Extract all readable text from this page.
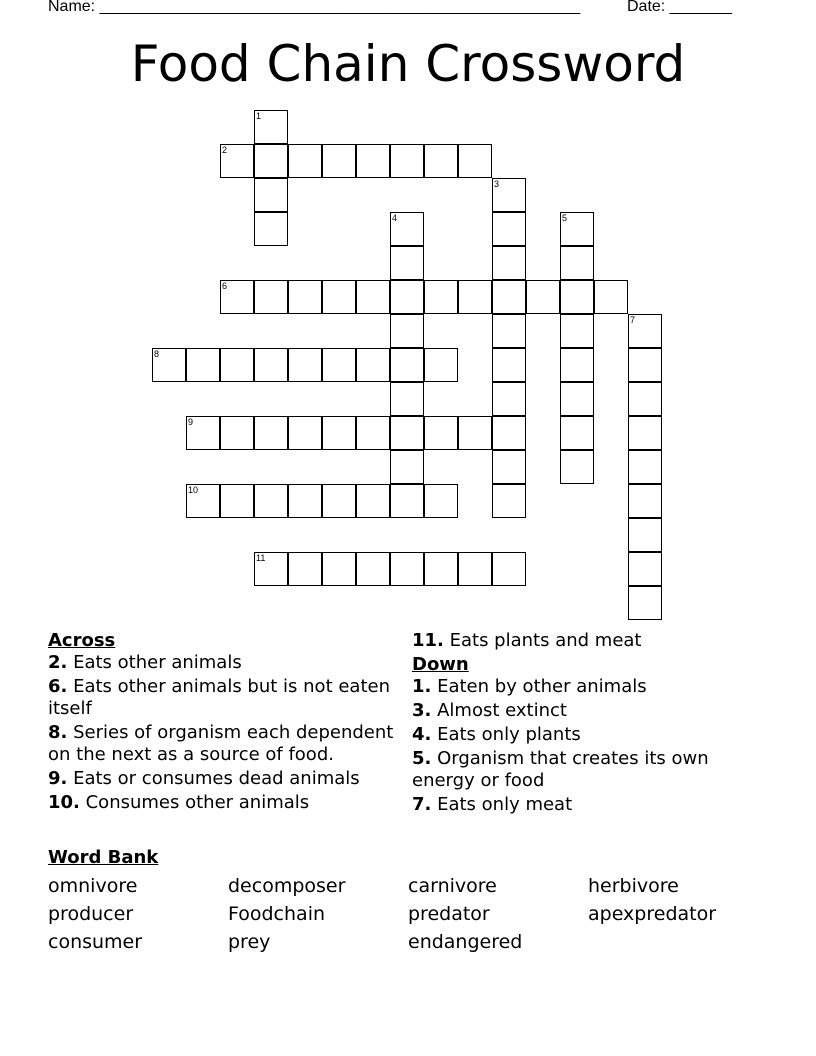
Name: ______________________________________________________	Date: _______
Food Chain Crossword
1
2
3
4	5
6
7
8
9
10
11
Across
2. Eats other animals
6. Eats other animals but is not eaten itself
8. Series of organism each dependent on the next as a source of food.
9. Eats or consumes dead animals
10. Consumes other animals
11. Eats plants and meat
Down
1. Eaten by other animals
3. Almost extinct
4. Eats only plants
5. Organism that creates its own energy or food
7. Eats only meat
Word Bank
omnivore	decomposer	carnivore	herbivore
producer	Foodchain	predator	apexpredator
consumer	prey	endangered
